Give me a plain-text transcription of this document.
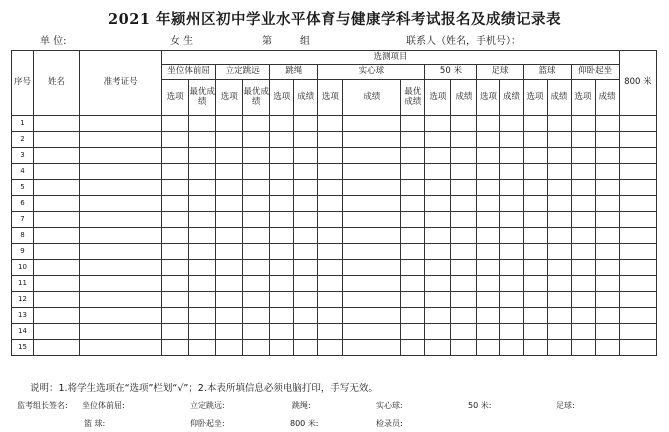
2021 年颍州区初中学业水平体育与健康学科考试报名及成绩记录表
单 位:	女 生	第	组	联系人（姓名，手机号）：
序号	姓名	准考证号	选测项目																	800 米
			坐位体前屈		立定跳远		跳绳		实心球			50 米		足球		篮球		仰卧起坐		
			选项	最优成绩	选项	最优成绩	选项	成绩	选项	成绩	最优成绩	选项	成绩	选项	成绩	选项	成绩	选项	成绩	
1																				
2																				
3																				
4																				
5																				
6																				
7																				
8																				
9																				
10																				
11																				
12																				
13																				
14																				
15																				
说明：1.将学生选项在“选项”栏划“√”；2.本表所填信息必须电脑打印，手写无效。
监考组长签名: 坐位体前屈:	立定跳远:	跳绳:	实心球:	50 米:	足球:
篮 球:	仰卧起坐:	800 米:	检录员:
